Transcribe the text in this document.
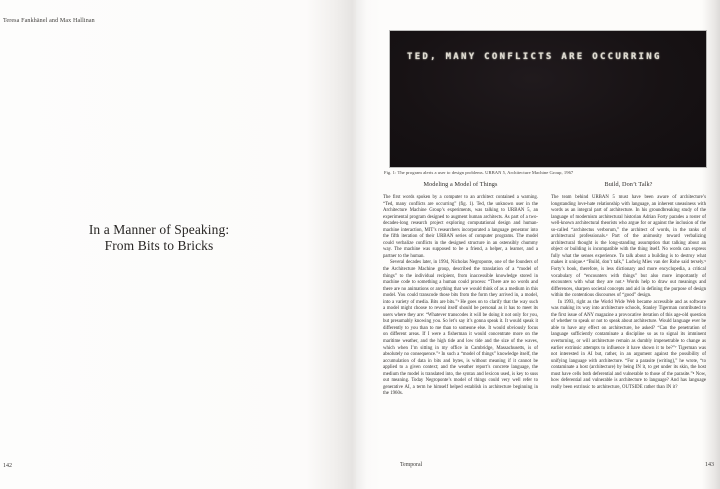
Teresa Fankhänel and Max Hallinan
In a Manner of Speaking:
From Bits to Bricks
142
TED, MANY CONFLICTS ARE OCCURRING
Fig. 1: The program alerts a user to design problems. URBAN 5, Architecture Machine Group, 1967
Modeling a Model of Things

The first words spoken by a computer to an architect contained a warning. “Ted, many conflicts are occurring” (fig. 1). Ted, the unknown user in the Architecture Machine Group’s experiments, was talking to URBAN 5, an experimental program designed to augment human architects. As part of a two-decades-long research project exploring computational design and human-machine interaction, MIT’s researchers incorporated a language generator into the fifth iteration of their URBAN series of computer programs. The model could verbalize conflicts in the designed structure in an ostensibly chummy way. The machine was supposed to be a friend, a helper, a learner, and a partner to the human.

Several decades later, in 1994, Nicholas Negroponte, one of the founders of the Architecture Machine group, described the translation of a “model of things” to the individual recipient, from inaccessible knowledge stored in machine code to something a human could process: “There are no words and there are no animations or anything that we would think of as a medium in this model. You could transcode those bits from the form they arrived in, a model, into a variety of media. Bits are bits.”¹ He goes on to clarify that the way such a model might choose to reveal itself should be personal as it has to meet its users where they are: “Whatever transcodes it will be doing it not only for you, but presumably knowing you. So let’s say it’s gonna speak it. It would speak it differently to you than to me than to someone else. It would obviously focus on different areas. If I were a fisherman it would concentrate more on the maritime weather, and the high tide and low tide and the size of the waves, which when I’m sitting in my office in Cambridge, Massachusetts, is of absolutely no consequence.”² In such a “model of things” knowledge itself, the accumulation of data in bits and bytes, is without meaning if it cannot be applied to a given context; and the weather report’s concrete language, the medium the model is translated into, the syntax and lexicon used, is key to suss out meaning. Today Negroponte’s model of things could very well refer to generative AI, a term he himself helped establish in architecture beginning in the 1960s.

Build, Don’t Talk?

The team behind URBAN 5 must have been aware of architecture’s longstanding love-hate relationship with language, an inherent uneasiness with words as an integral part of architecture. In his groundbreaking study of the language of modernism architectural historian Adrian Forty parades a roster of well-known architectural theorists who argue for or against the inclusion of the so-called “architectus verborum,” the architect of words, in the ranks of architectural professionals.³ Part of the animosity toward verbalizing architectural thought is the long-standing assumption that talking about an object or building is incompatible with the thing itself. No words can express fully what the senses experience. To talk about a building is to destroy what makes it unique.⁴ “Build, don’t talk,” Ludwig Mies van der Rohe said tersely.⁵ Forty’s book, therefore, is less dictionary and more encyclopedia, a critical vocabulary of “encounters with things” but also more importantly of encounters with what they are not.⁶ Words help to draw out meanings and differences, sharpen societal concepts and aid in defining the purpose of design within the contentious discourses of “good” design.

In 1993, right as the World Wide Web became accessible and as software was making its way into architecture schools, Stanley Tigerman contributed to the first issue of ANY magazine a provocative iteration of this age-old question of whether to speak or not to speak about architecture. Would language ever be able to have any effect on architecture, he asked? “Can the penetration of language sufficiently contaminate a discipline so as to signal its imminent overturning, or will architecture remain as dumbly impenetrable to change as earlier extrinsic attempts to influence it have shown it to be?”⁷ Tigerman was not interested in AI but, rather, in an argument against the possibility of unifying language with architecture. “For a parasite (writing),” he wrote, “to contaminate a host (architecture) by being IN it, to get under its skin, the host must have cells both deferential and vulnerable to those of the parasite.”⁸ Now, how deferential and vulnerable is architecture to language? And has language really been extrinsic to architecture, OUTSIDE rather than IN it?

Temporal	143
